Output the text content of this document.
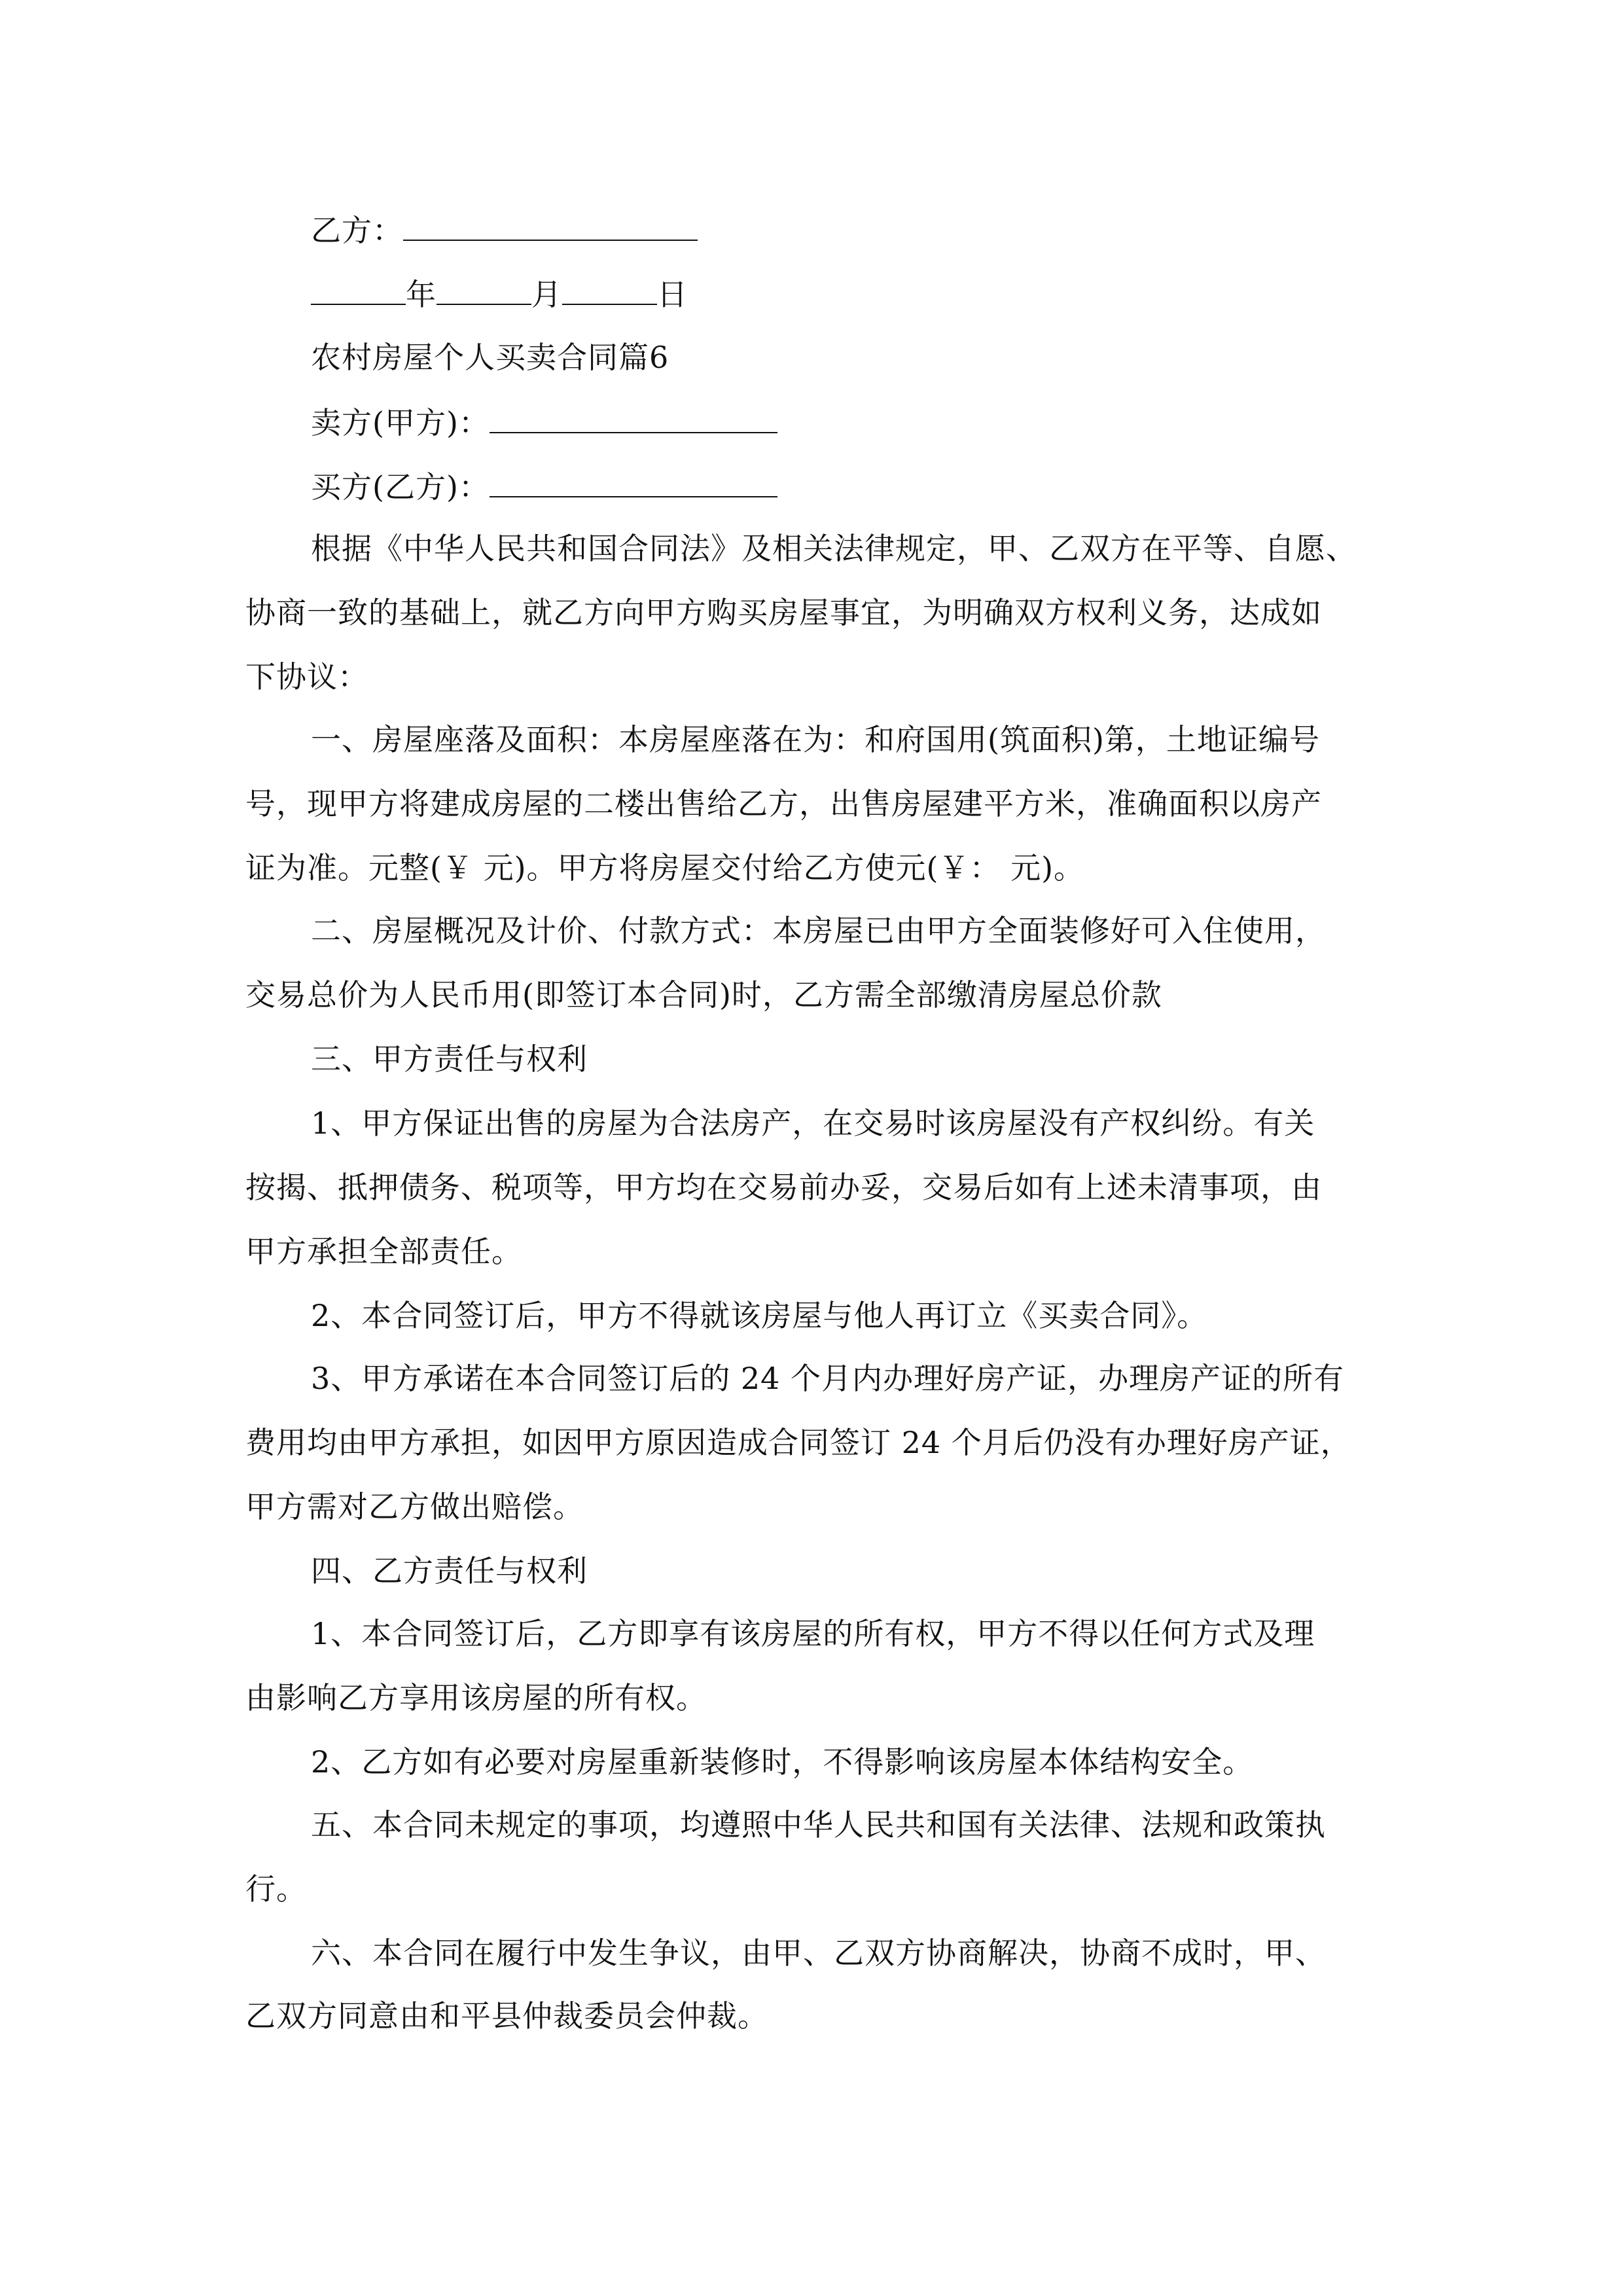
乙方：
年	月	日
农村房屋个人买卖合同篇6
卖方(甲方)：
买方(乙方)：
根据《中华人民共和国合同法》及相关法律规定，甲、乙双方在平等、自愿、
协商一致的基础上，就乙方向甲方购买房屋事宜，为明确双方权利义务，达成如
下协议：
一、房屋座落及面积：本房屋座落在为：和府国用(筑面积)第，土地证编号
号，现甲方将建成房屋的二楼出售给乙方，出售房屋建平方米，准确面积以房产
证为准。元整(￥ 元)。甲方将房屋交付给乙方使元(￥： 元)。
二、房屋概况及计价、付款方式：本房屋已由甲方全面装修好可入住使用，
交易总价为人民币用(即签订本合同)时，乙方需全部缴清房屋总价款
三、甲方责任与权利
1、甲方保证出售的房屋为合法房产，在交易时该房屋没有产权纠纷。有关
按揭、抵押债务、税项等，甲方均在交易前办妥，交易后如有上述未清事项，由
甲方承担全部责任。
2、本合同签订后，甲方不得就该房屋与他人再订立《买卖合同》。
3、甲方承诺在本合同签订后的 24 个月内办理好房产证，办理房产证的所有
费用均由甲方承担，如因甲方原因造成合同签订 24 个月后仍没有办理好房产证，
甲方需对乙方做出赔偿。
四、乙方责任与权利
1、本合同签订后，乙方即享有该房屋的所有权，甲方不得以任何方式及理
由影响乙方享用该房屋的所有权。
2、乙方如有必要对房屋重新装修时，不得影响该房屋本体结构安全。
五、本合同未规定的事项，均遵照中华人民共和国有关法律、法规和政策执
行。
六、本合同在履行中发生争议，由甲、乙双方协商解决，协商不成时，甲、
乙双方同意由和平县仲裁委员会仲裁。
